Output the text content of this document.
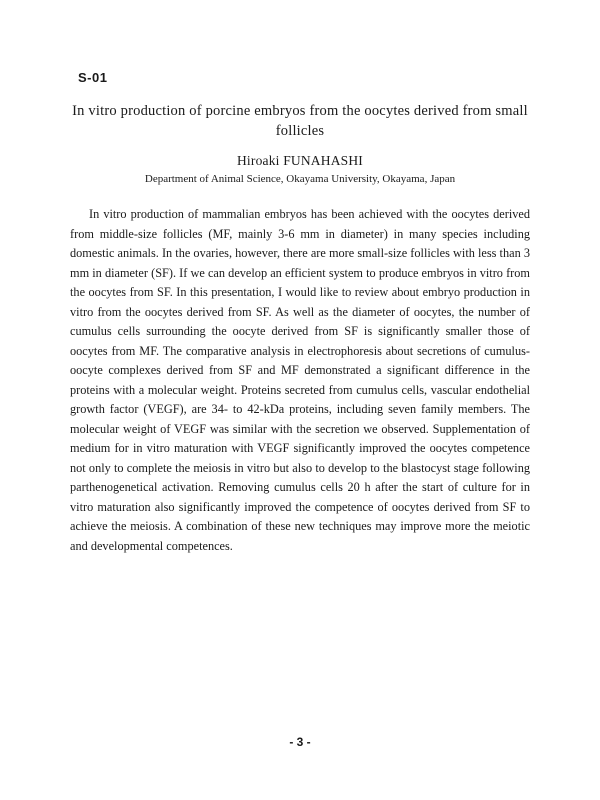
S-01
In vitro production of porcine embryos from the oocytes derived from small follicles
Hiroaki FUNAHASHI
Department of Animal Science, Okayama University, Okayama, Japan

In vitro production of mammalian embryos has been achieved with the oocytes derived from middle-size follicles (MF, mainly 3-6 mm in diameter) in many species including domestic animals. In the ovaries, however, there are more small-size follicles with less than 3 mm in diameter (SF). If we can develop an efficient system to produce embryos in vitro from the oocytes from SF. In this presentation, I would like to review about embryo production in vitro from the oocytes derived from SF. As well as the diameter of oocytes, the number of cumulus cells surrounding the oocyte derived from SF is significantly smaller those of oocytes from MF. The comparative analysis in electrophoresis about secretions of cumulus-oocyte complexes derived from SF and MF demonstrated a significant difference in the proteins with a molecular weight. Proteins secreted from cumulus cells, vascular endothelial growth factor (VEGF), are 34- to 42-kDa proteins, including seven family members. The molecular weight of VEGF was similar with the secretion we observed. Supplementation of medium for in vitro maturation with VEGF significantly improved the oocytes competence not only to complete the meiosis in vitro but also to develop to the blastocyst stage following parthenogenetical activation. Removing cumulus cells 20 h after the start of culture for in vitro maturation also significantly improved the competence of oocytes derived from SF to achieve the meiosis. A combination of these new techniques may improve more the meiotic and developmental competences.

- 3 -
